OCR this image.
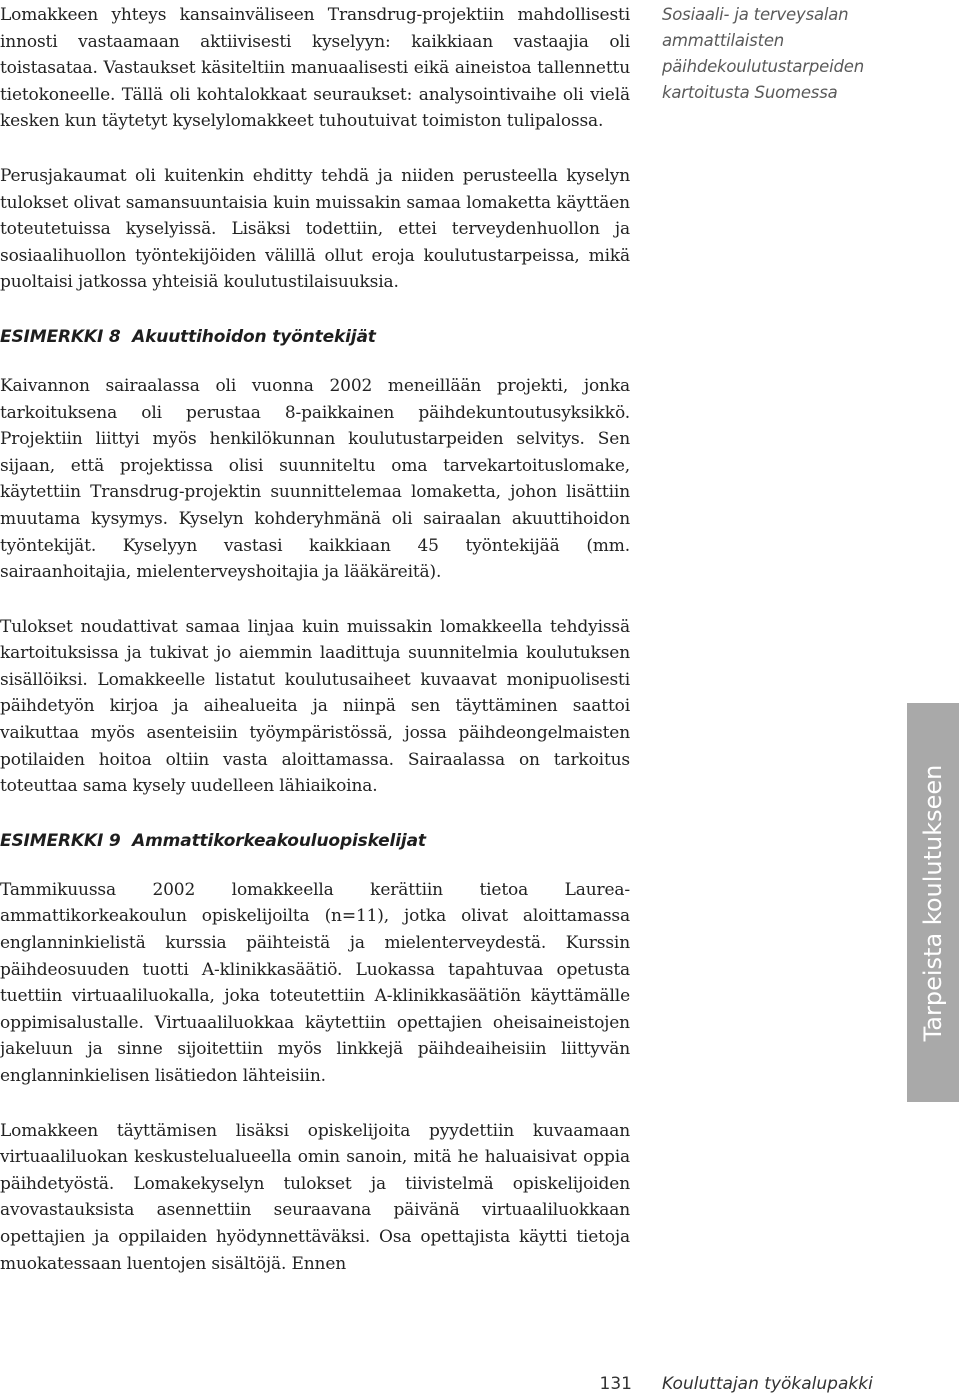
Lomakkeen yhteys kansainväliseen Transdrug-projektiin mahdollisesti innosti vastaamaan aktiivisesti kyselyyn: kaikkiaan vastaajia oli toistasataa. Vastaukset käsiteltiin manuaalisesti eikä aineistoa tallennettu tietokoneelle. Tällä oli kohtalokkaat seuraukset: analysointivaihe oli vielä kesken kun täytetyt kyselylomakkeet tuhoutuivat toimiston tulipalossa.

Perusjakaumat oli kuitenkin ehditty tehdä ja niiden perusteella kyselyn tulokset olivat samansuuntaisia kuin muissakin samaa lomaketta käyttäen toteutetuissa kyselyissä. Lisäksi todettiin, ettei terveydenhuollon ja sosiaalihuollon työntekijöiden välillä ollut eroja koulutustarpeissa, mikä puoltaisi jatkossa yhteisiä koulutustilaisuuksia.

ESIMERKKI 8  Akuuttihoidon työntekijät

Kaivannon sairaalassa oli vuonna 2002 meneillään projekti, jonka tarkoituksena oli perustaa 8-paikkainen päihdekuntoutusyksikkö. Projektiin liittyi myös henkilökunnan koulutustarpeiden selvitys. Sen sijaan, että projektissa olisi suunniteltu oma tarvekartoituslomake, käytettiin Transdrug-projektin suunnittelemaa lomaketta, johon lisättiin muutama kysymys. Kyselyn kohderyhmänä oli sairaalan akuuttihoidon työntekijät. Kyselyyn vastasi kaikkiaan 45 työntekijää (mm. sairaanhoitajia, mielenterveyshoitajia ja lääkäreitä).

Tulokset noudattivat samaa linjaa kuin muissakin lomakkeella tehdyissä kartoituksissa ja tukivat jo aiemmin laadittuja suunnitelmia koulutuksen sisällöiksi. Lomakkeelle listatut koulutusaiheet kuvaavat monipuolisesti päihdetyön kirjoa ja aihealueita ja niinpä sen täyttäminen saattoi vaikuttaa myös asenteisiin työympäristössä, jossa päihdeongelmaisten potilaiden hoitoa oltiin vasta aloittamassa. Sairaalassa on tarkoitus toteuttaa sama kysely uudelleen lähiaikoina.

ESIMERKKI 9  Ammattikorkeakouluopiskelijat

Tammikuussa 2002 lomakkeella kerättiin tietoa Laurea-ammattikorkeakoulun opiskelijoilta (n=11), jotka olivat aloittamassa englanninkielistä kurssia päihteistä ja mielenterveydestä. Kurssin päihdeosuuden tuotti A-klinikkasäätiö. Luokassa tapahtuvaa opetusta tuettiin virtuaaliluokalla, joka toteutettiin A-klinikkasäätiön käyttämälle oppimisalustalle. Virtuaaliluokkaa käytettiin opettajien oheisaineistojen jakeluun ja sinne sijoitettiin myös linkkejä päihdeaiheisiin liittyvän englanninkielisen lisätiedon lähteisiin.

Lomakkeen täyttämisen lisäksi opiskelijoita pyydettiin kuvaamaan virtuaaliluokan keskustelualueella omin sanoin, mitä he haluaisivat oppia päihdetyöstä. Lomakekyselyn tulokset ja tiivistelmä opiskelijoiden avovastauksista asennettiin seuraavana päivänä virtuaaliluokkaan opettajien ja oppilaiden hyödynnettäväksi. Osa opettajista käytti tietoja muokatessaan luentojen sisältöjä. Ennen

Sosiaali- ja terveysalan
ammattilaisten
päihdekoulutustarpeiden
kartoitusta Suomessa
Tarpeista koulutukseen
131 Kouluttajan työkalupakki
